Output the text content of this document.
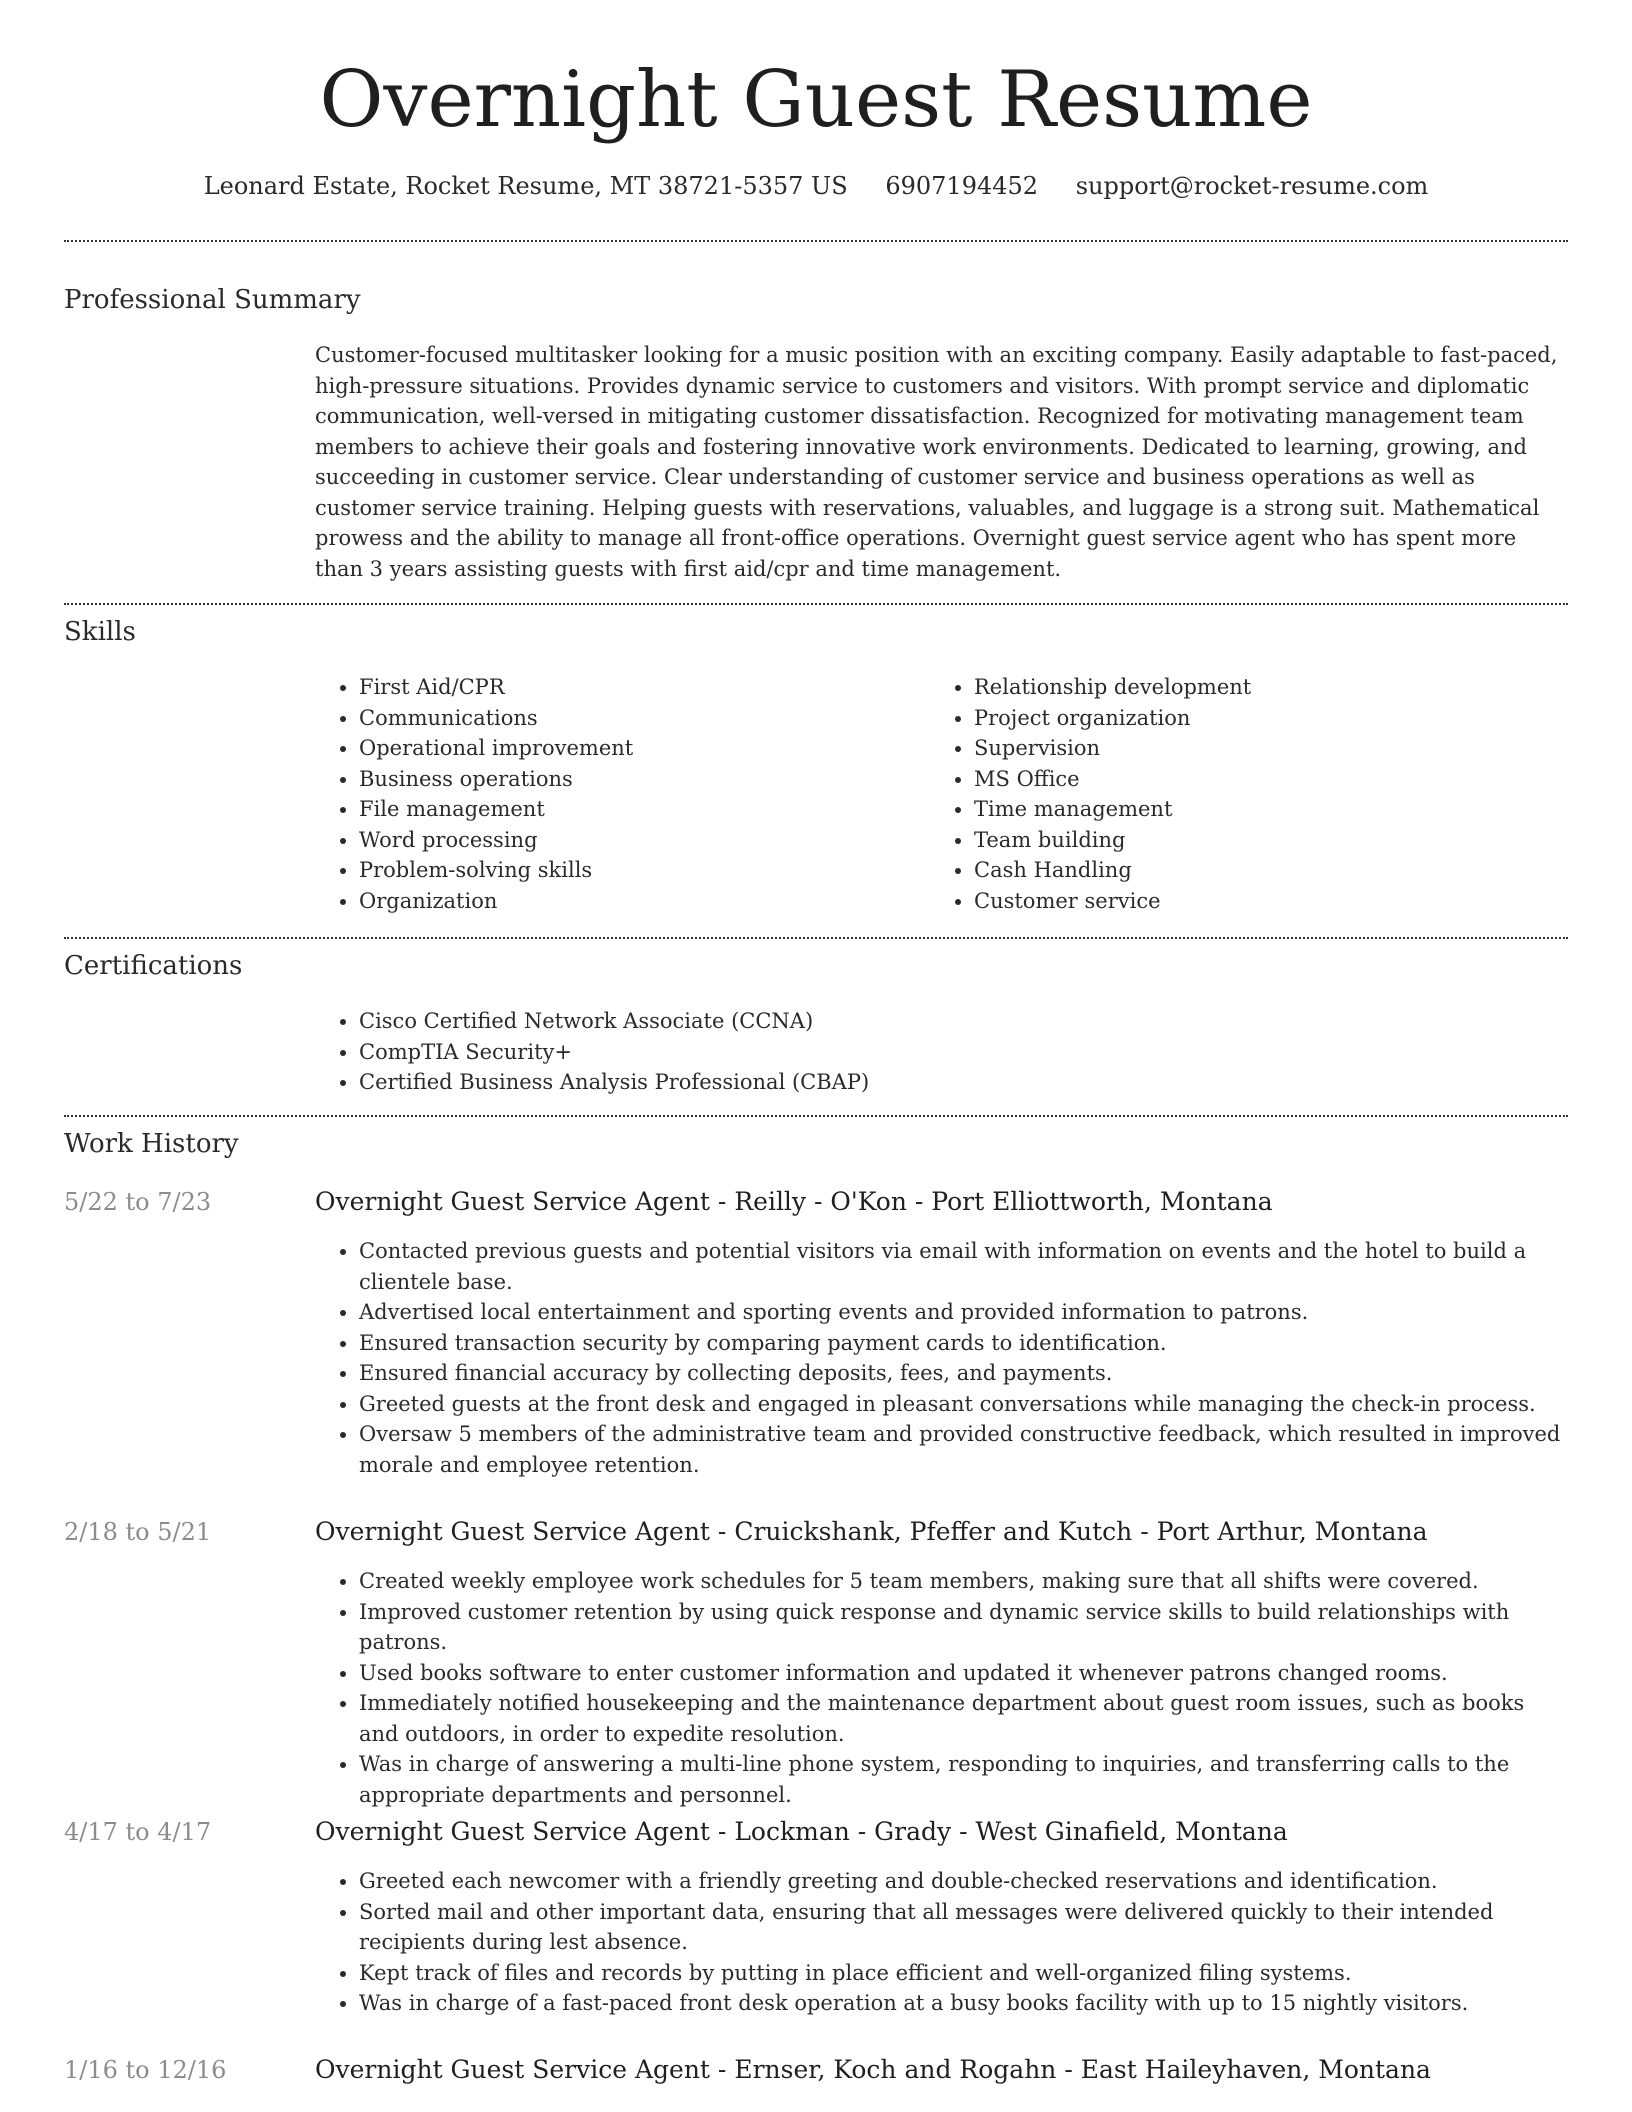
Overnight Guest Resume
Leonard Estate, Rocket Resume, MT 38721-5357 US 6907194452 support@rocket-resume.com
Professional Summary

Customer-focused multitasker looking for a music position with an exciting company. Easily adaptable to fast-paced, high-pressure situations. Provides dynamic service to customers and visitors. With prompt service and diplomatic communication, well-versed in mitigating customer dissatisfaction. Recognized for motivating management team members to achieve their goals and fostering innovative work environments. Dedicated to learning, growing, and succeeding in customer service. Clear understanding of customer service and business operations as well as customer service training. Helping guests with reservations, valuables, and luggage is a strong suit. Mathematical prowess and the ability to manage all front-office operations. Overnight guest service agent who has spent more than 3 years assisting guests with first aid/cpr and time management.

Skills
• First Aid/CPR
• Communications
• Operational improvement
• Business operations
• File management
• Word processing
• Problem-solving skills
• Organization
• Relationship development
• Project organization
• Supervision
• MS Office
• Time management
• Team building
• Cash Handling
• Customer service
Certifications
• Cisco Certified Network Associate (CCNA)
• CompTIA Security+
• Certified Business Analysis Professional (CBAP)
Work History
5/22 to 7/23	Overnight Guest Service Agent - Reilly - O'Kon - Port Elliottworth, Montana
• Contacted previous guests and potential visitors via email with information on events and the hotel to build a clientele base.
• Advertised local entertainment and sporting events and provided information to patrons.
• Ensured transaction security by comparing payment cards to identification.
• Ensured financial accuracy by collecting deposits, fees, and payments.
• Greeted guests at the front desk and engaged in pleasant conversations while managing the check-in process.
• Oversaw 5 members of the administrative team and provided constructive feedback, which resulted in improved morale and employee retention.
2/18 to 5/21	Overnight Guest Service Agent - Cruickshank, Pfeffer and Kutch - Port Arthur, Montana
• Created weekly employee work schedules for 5 team members, making sure that all shifts were covered.
• Improved customer retention by using quick response and dynamic service skills to build relationships with patrons.
• Used books software to enter customer information and updated it whenever patrons changed rooms.
• Immediately notified housekeeping and the maintenance department about guest room issues, such as books and outdoors, in order to expedite resolution.
• Was in charge of answering a multi-line phone system, responding to inquiries, and transferring calls to the appropriate departments and personnel.
4/17 to 4/17	Overnight Guest Service Agent - Lockman - Grady - West Ginafield, Montana
• Greeted each newcomer with a friendly greeting and double-checked reservations and identification.
• Sorted mail and other important data, ensuring that all messages were delivered quickly to their intended recipients during lest absence.
• Kept track of files and records by putting in place efficient and well-organized filing systems.
• Was in charge of a fast-paced front desk operation at a busy books facility with up to 15 nightly visitors.
1/16 to 12/16	Overnight Guest Service Agent - Ernser, Koch and Rogahn - East Haileyhaven, Montana
